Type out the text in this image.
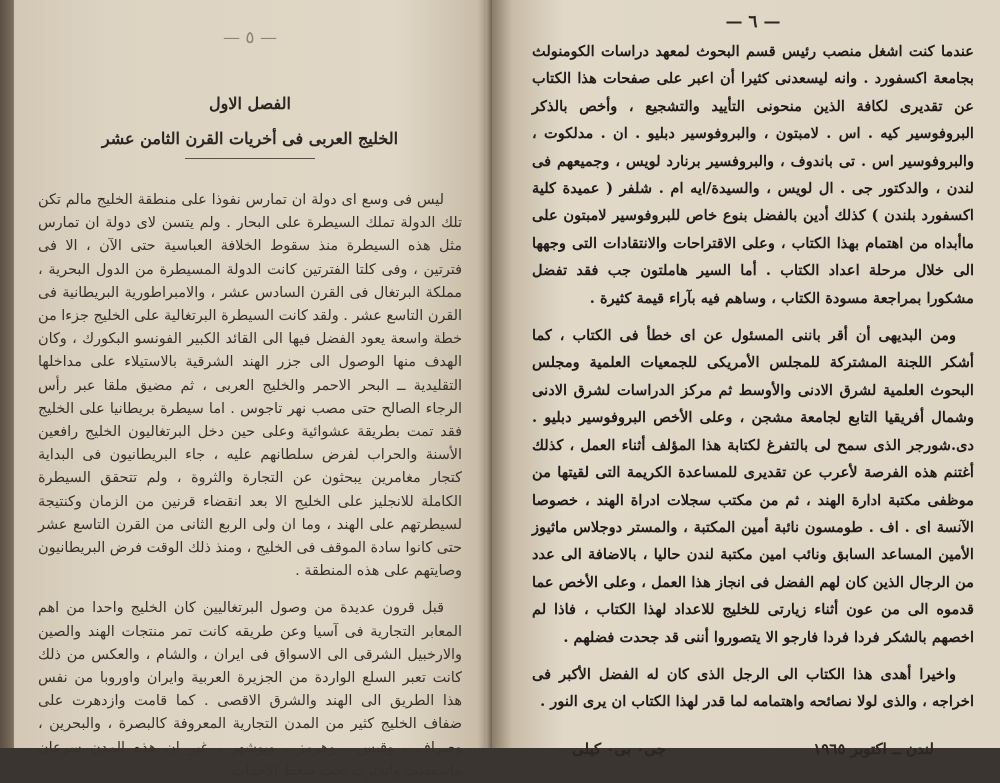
— ٥ —
الفصل الاول
الخليج العربى فى أخريات القرن الثامن عشر

ليس فى وسع اى دولة ان تمارس نفوذا على منطقة الخليج مالم تكن تلك الدولة تملك السيطرة على البحار . ولم يتسن لاى دولة ان تمارس مثل هذه السيطرة منذ سقوط الخلافة العباسية حتى الآن ، الا فى فترتين ، وفى كلتا الفترتين كانت الدولة المسيطرة من الدول البحرية ، مملكة البرتغال فى القرن السادس عشر ، والامبراطورية البريطانية فى القرن التاسع عشر . ولقد كانت السيطرة البرتغالية على الخليج جزءا من خطة واسعة يعود الفضل فيها الى القائد الكبير الفونسو البكورك ، وكان الهدف منها الوصول الى جزر الهند الشرقية بالاستيلاء على مداخلها التقليدية ــ البحر الاحمر والخليج العربى ، ثم مضيق ملقا عبر رأس الرجاء الصالح حتى مصب نهر تاجوس . اما سيطرة بريطانيا على الخليج فقد تمت بطريقة عشوائية وعلى حين دخل البرتغاليون الخليج رافعين الأسنة والحراب لفرض سلطانهم عليه ، جاء البريطانيون فى البداية كتجار مغامرين يبحثون عن التجارة والثروة ، ولم تتحقق السيطرة الكاملة للانجليز على الخليج الا بعد انقضاء قرنين من الزمان وكنتيجة لسيطرتهم على الهند ، وما ان ولى الربع الثانى من القرن التاسع عشر حتى كانوا سادة الموقف فى الخليج ، ومنذ ذلك الوقت فرض البريطانيون وصايتهم على هذه المنطقة .

قبل قرون عديدة من وصول البرتغاليين كان الخليج واحدا من اهم المعابر التجارية فى آسيا وعن طريقه كانت تمر منتجات الهند والصين والارخبيل الشرقى الى الاسواق فى ايران ، والشام ، والعكس من ذلك كانت تعبر السلع الواردة من الجزيرة العربية وايران واوروبا من نفس هذا الطريق الى الهند والشرق الاقصى . كما قامت وازدهرت على ضفاف الخليج كثير من المدن التجارية المعروفة كالبصرة ، والبحرين ، وصراف ، وقيس ، وهرمز ، وبوشهر ، غير ان هذه المدن سرعان ماسقطت واندثرت تحت ضغط الاحداث

— ٦ —

عندما كنت اشغل منصب رئيس قسم البحوث لمعهد دراسات الكومنولث بجامعة اكسفورد . وانه ليسعدنى كثيرا أن اعبر على صفحات هذا الكتاب عن تقديرى لكافة الذين منحونى التأييد والتشجيع ، وأخص بالذكر البروفوسير كيه . اس . لامبتون ، والبروفوسير دبليو . ان . مدلكوت ، والبروفوسير اس . تى باندوف ، والبروفسير برنارد لويس ، وجميعهم فى لندن ، والدكتور جى . ال لويس ، والسيدة/ايه ام . شلفر ( عميدة كلية اكسفورد بلندن ) كذلك أدين بالفضل بنوع خاص للبروفوسير لامبتون على ماأبداه من اهتمام بهذا الكتاب ، وعلى الاقتراحات والانتقادات التى وجهها الى خلال مرحلة اعداد الكتاب . أما السير هاملتون جب فقد تفضل مشكورا بمراجعة مسودة الكتاب ، وساهم فيه بآراء قيمة كثيرة .

ومن البديهى أن أقر باننى المسئول عن اى خطأ فى الكتاب ، كما أشكر اللجنة المشتركة للمجلس الأمريكى للجمعيات العلمية ومجلس البحوث العلمية لشرق الادنى والأوسط ثم مركز الدراسات لشرق الادنى وشمال أفريقيا التابع لجامعة مشجن ، وعلى الأخص البروفوسير دبليو . دى.شورجر الذى سمح لى بالتفرغ لكتابة هذا المؤلف أثناء العمل ، كذلك أغتنم هذه الفرصة لأعرب عن تقديرى للمساعدة الكريمة التى لقيتها من موظفى مكتبة ادارة الهند ، ثم من مكتب سجلات ادراة الهند ، خصوصا الآنسة اى . اف . طومسون نائبة أمين المكتبة ، والمستر دوجلاس ماثيوز الأمين المساعد السابق ونائب امين مكتبة لندن حاليا ، بالاضافة الى عدد من الرجال الذين كان لهم الفضل فى انجاز هذا العمل ، وعلى الأخص عما قدموه الى من عون أثناء زيارتى للخليج للاعداد لهذا الكتاب ، فاذا لم اخصهم بالشكر فردا فردا فارجو الا يتصوروا أننى قد جحدت فضلهم .

واخيرا أهدى هذا الكتاب الى الرجل الذى كان له الفضل الأكبر فى اخراجه ، والذى لولا نصائحه واهتمامه لما قدر لهذا الكتاب ان يرى النور .

لندن ــ اكتوبر ١٩٦٥
جى٠ بى٠ كيلى
